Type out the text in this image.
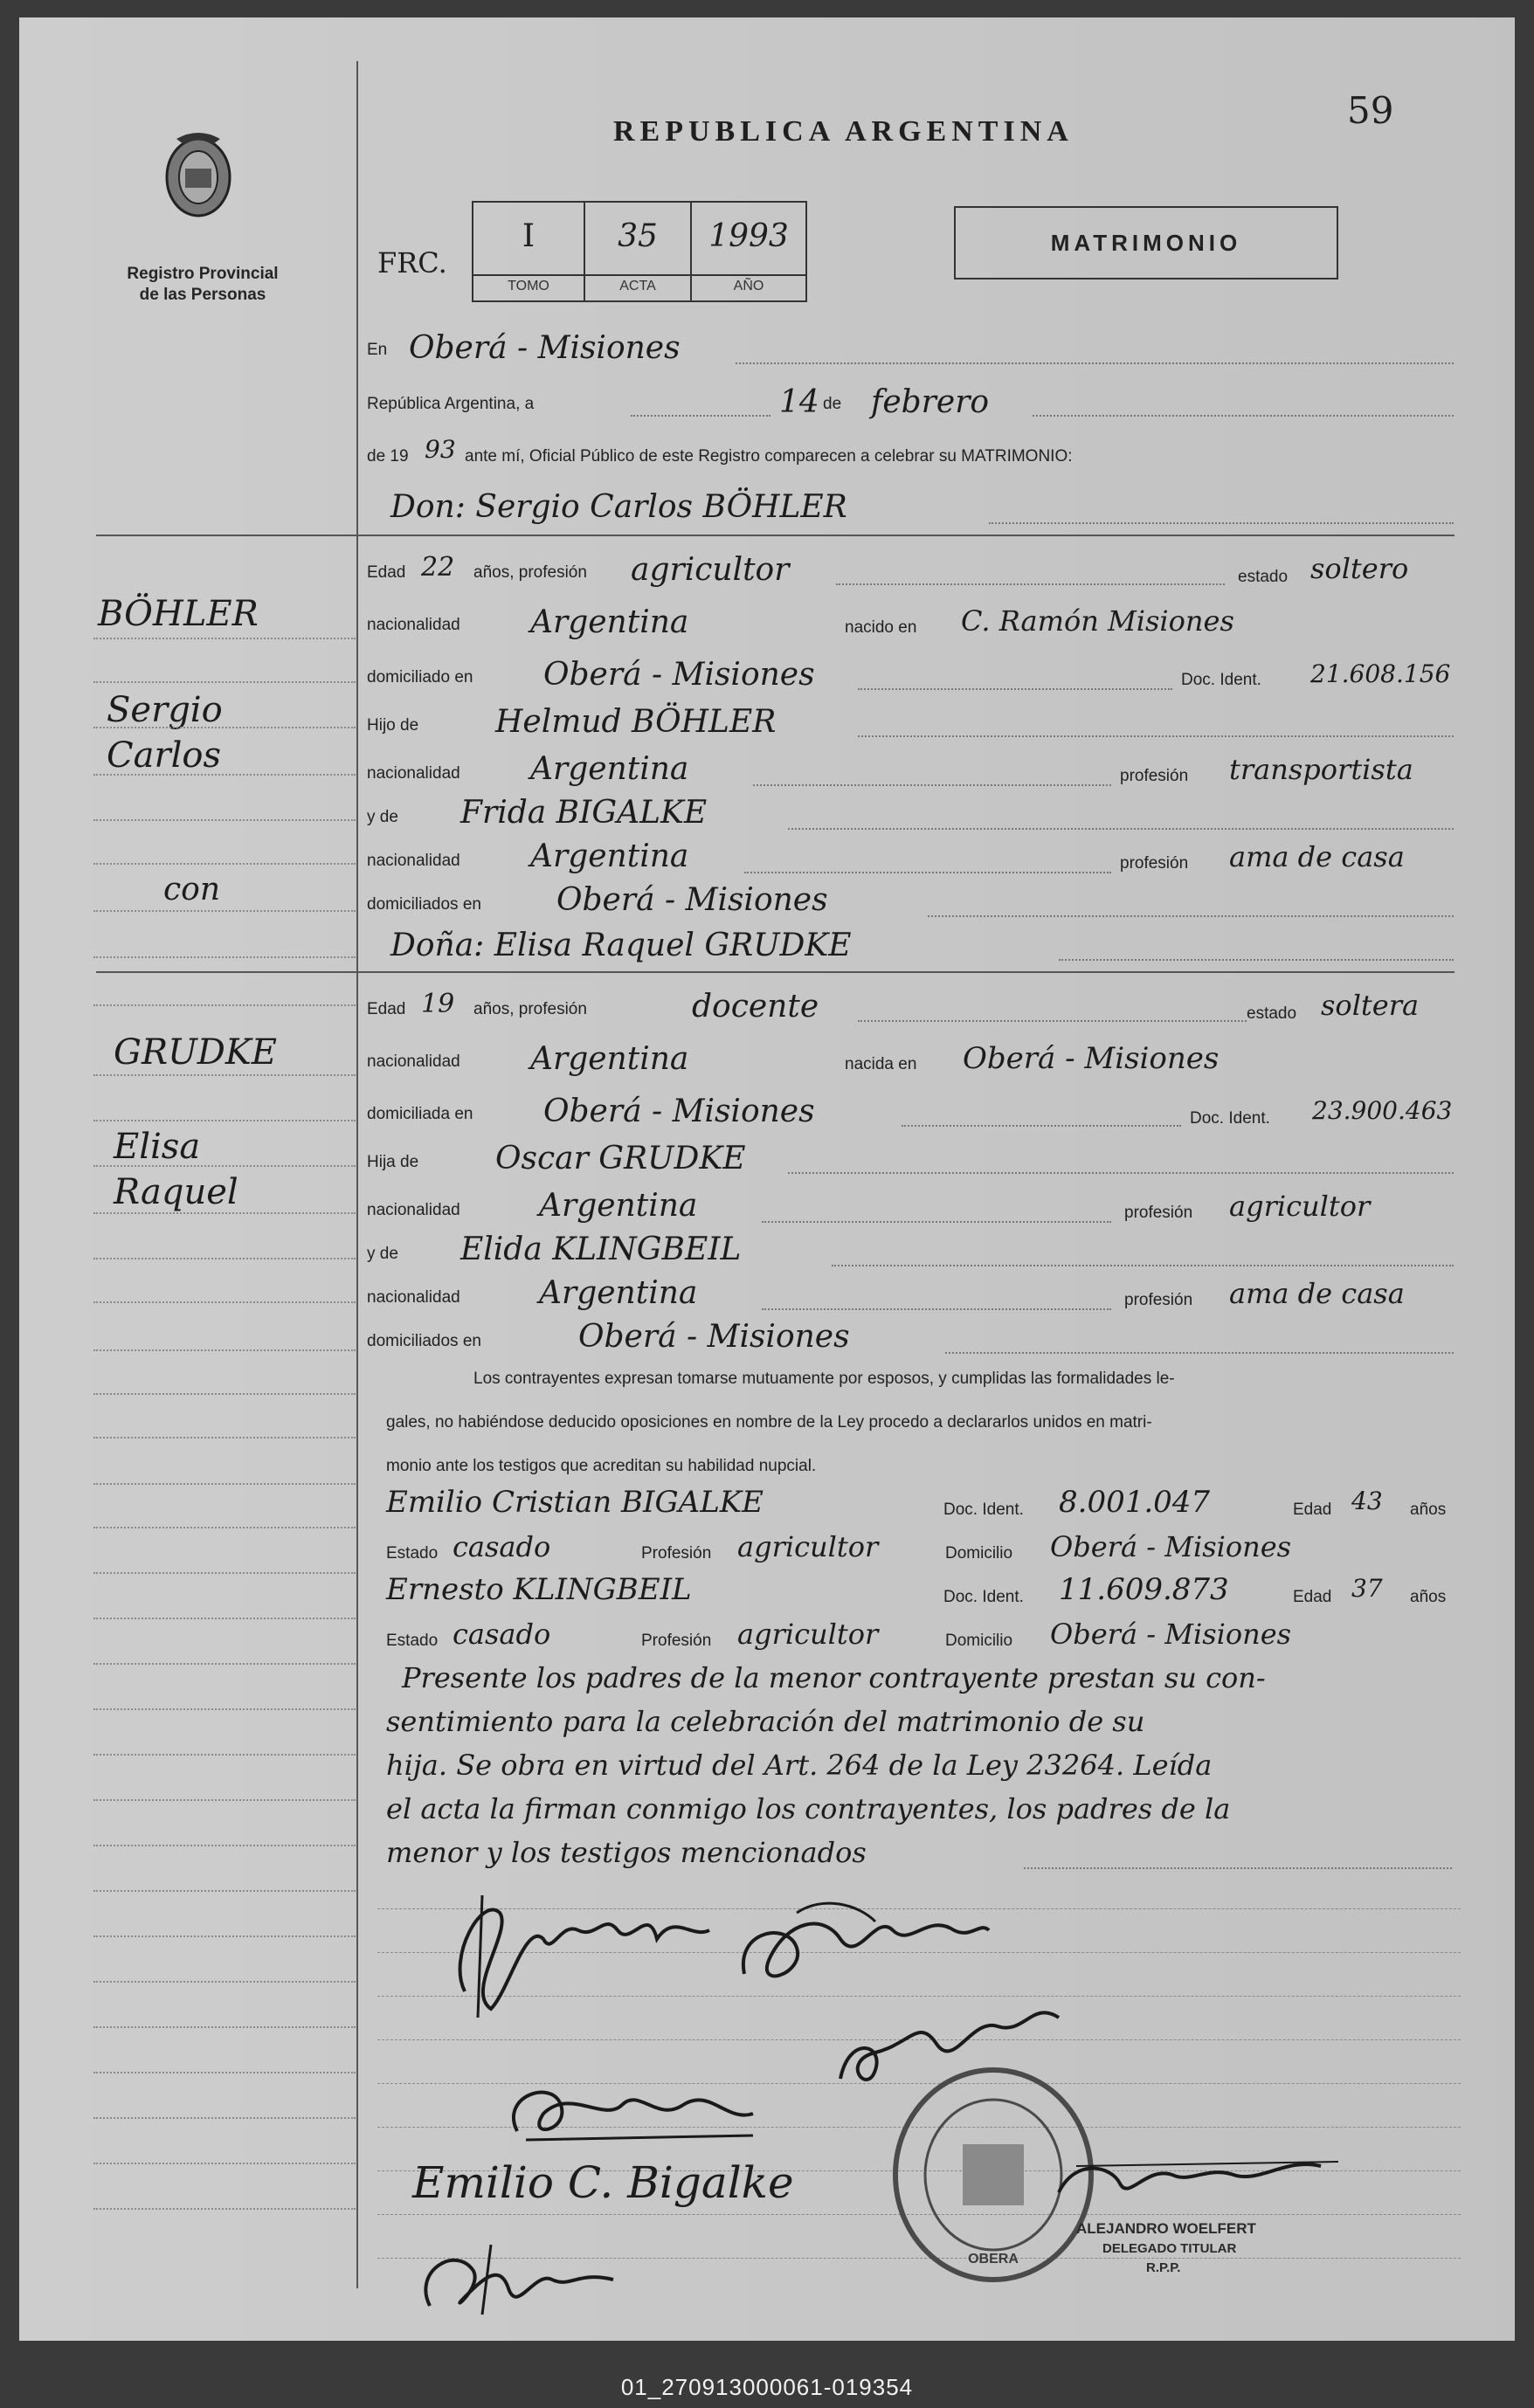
59
Registro Provincial
de las Personas
REPUBLICA ARGENTINA
FRC.
I	35	1993
TOMO	ACTA	AÑO
MATRIMONIO
En Oberá - Misiones
República Argentina, a	14 de febrero
de 19 93 ante mí, Oficial Público de este Registro comparecen a celebrar su MATRIMONIO:
Don: Sergio Carlos BÖHLER
Edad 22 años, profesión agricultor	estado soltero
nacionalidad Argentina	nacido en C. Ramón Misiones
domiciliado en Oberá - Misiones	Doc. Ident. 21.608.156
Hijo de Helmud BÖHLER
nacionalidad Argentina	profesión transportista
y de Frida BIGALKE
nacionalidad Argentina	profesión ama de casa
domiciliados en Oberá - Misiones
Doña: Elisa Raquel GRUDKE
Edad 19 años, profesión	docente	estado soltera
nacionalidad Argentina	nacida en Oberá - Misiones
domiciliada en Oberá - Misiones	Doc. Ident. 23.900.463
Hija de Oscar GRUDKE
nacionalidad	Argentina	profesión agricultor
y de Elida KLINGBEIL
nacionalidad	Argentina	profesión ama de casa
domiciliados en	Oberá - Misiones
Los contrayentes expresan tomarse mutuamente por esposos, y cumplidas las formalidades le-
gales, no habiéndose deducido oposiciones en nombre de la Ley procedo a declararlos unidos en matri-
monio ante los testigos que acreditan su habilidad nupcial.
Emilio Cristian BIGALKE	Doc. Ident. 8.001.047	Edad 43 años
Estado casado	Profesión agricultor	Domicilio Oberá - Misiones
Ernesto KLINGBEIL	Doc. Ident. 11.609.873	Edad 37 años
Estado casado	Profesión agricultor	Domicilio Oberá - Misiones
Presente los padres de la menor contrayente prestan su con-
sentimiento para la celebración del matrimonio de su
hija. Se obra en virtud del Art. 264 de la Ley 23264. Leída
el acta la firman conmigo los contrayentes, los padres de la
menor y los testigos mencionados
BÖHLER
Sergio
Carlos
con
GRUDKE
Elisa
Raquel
Emilio C. Bigalke
OBERA
ALEJANDRO WOELFERT
DELEGADO TITULAR
R.P.P.
01_270913000061-019354
